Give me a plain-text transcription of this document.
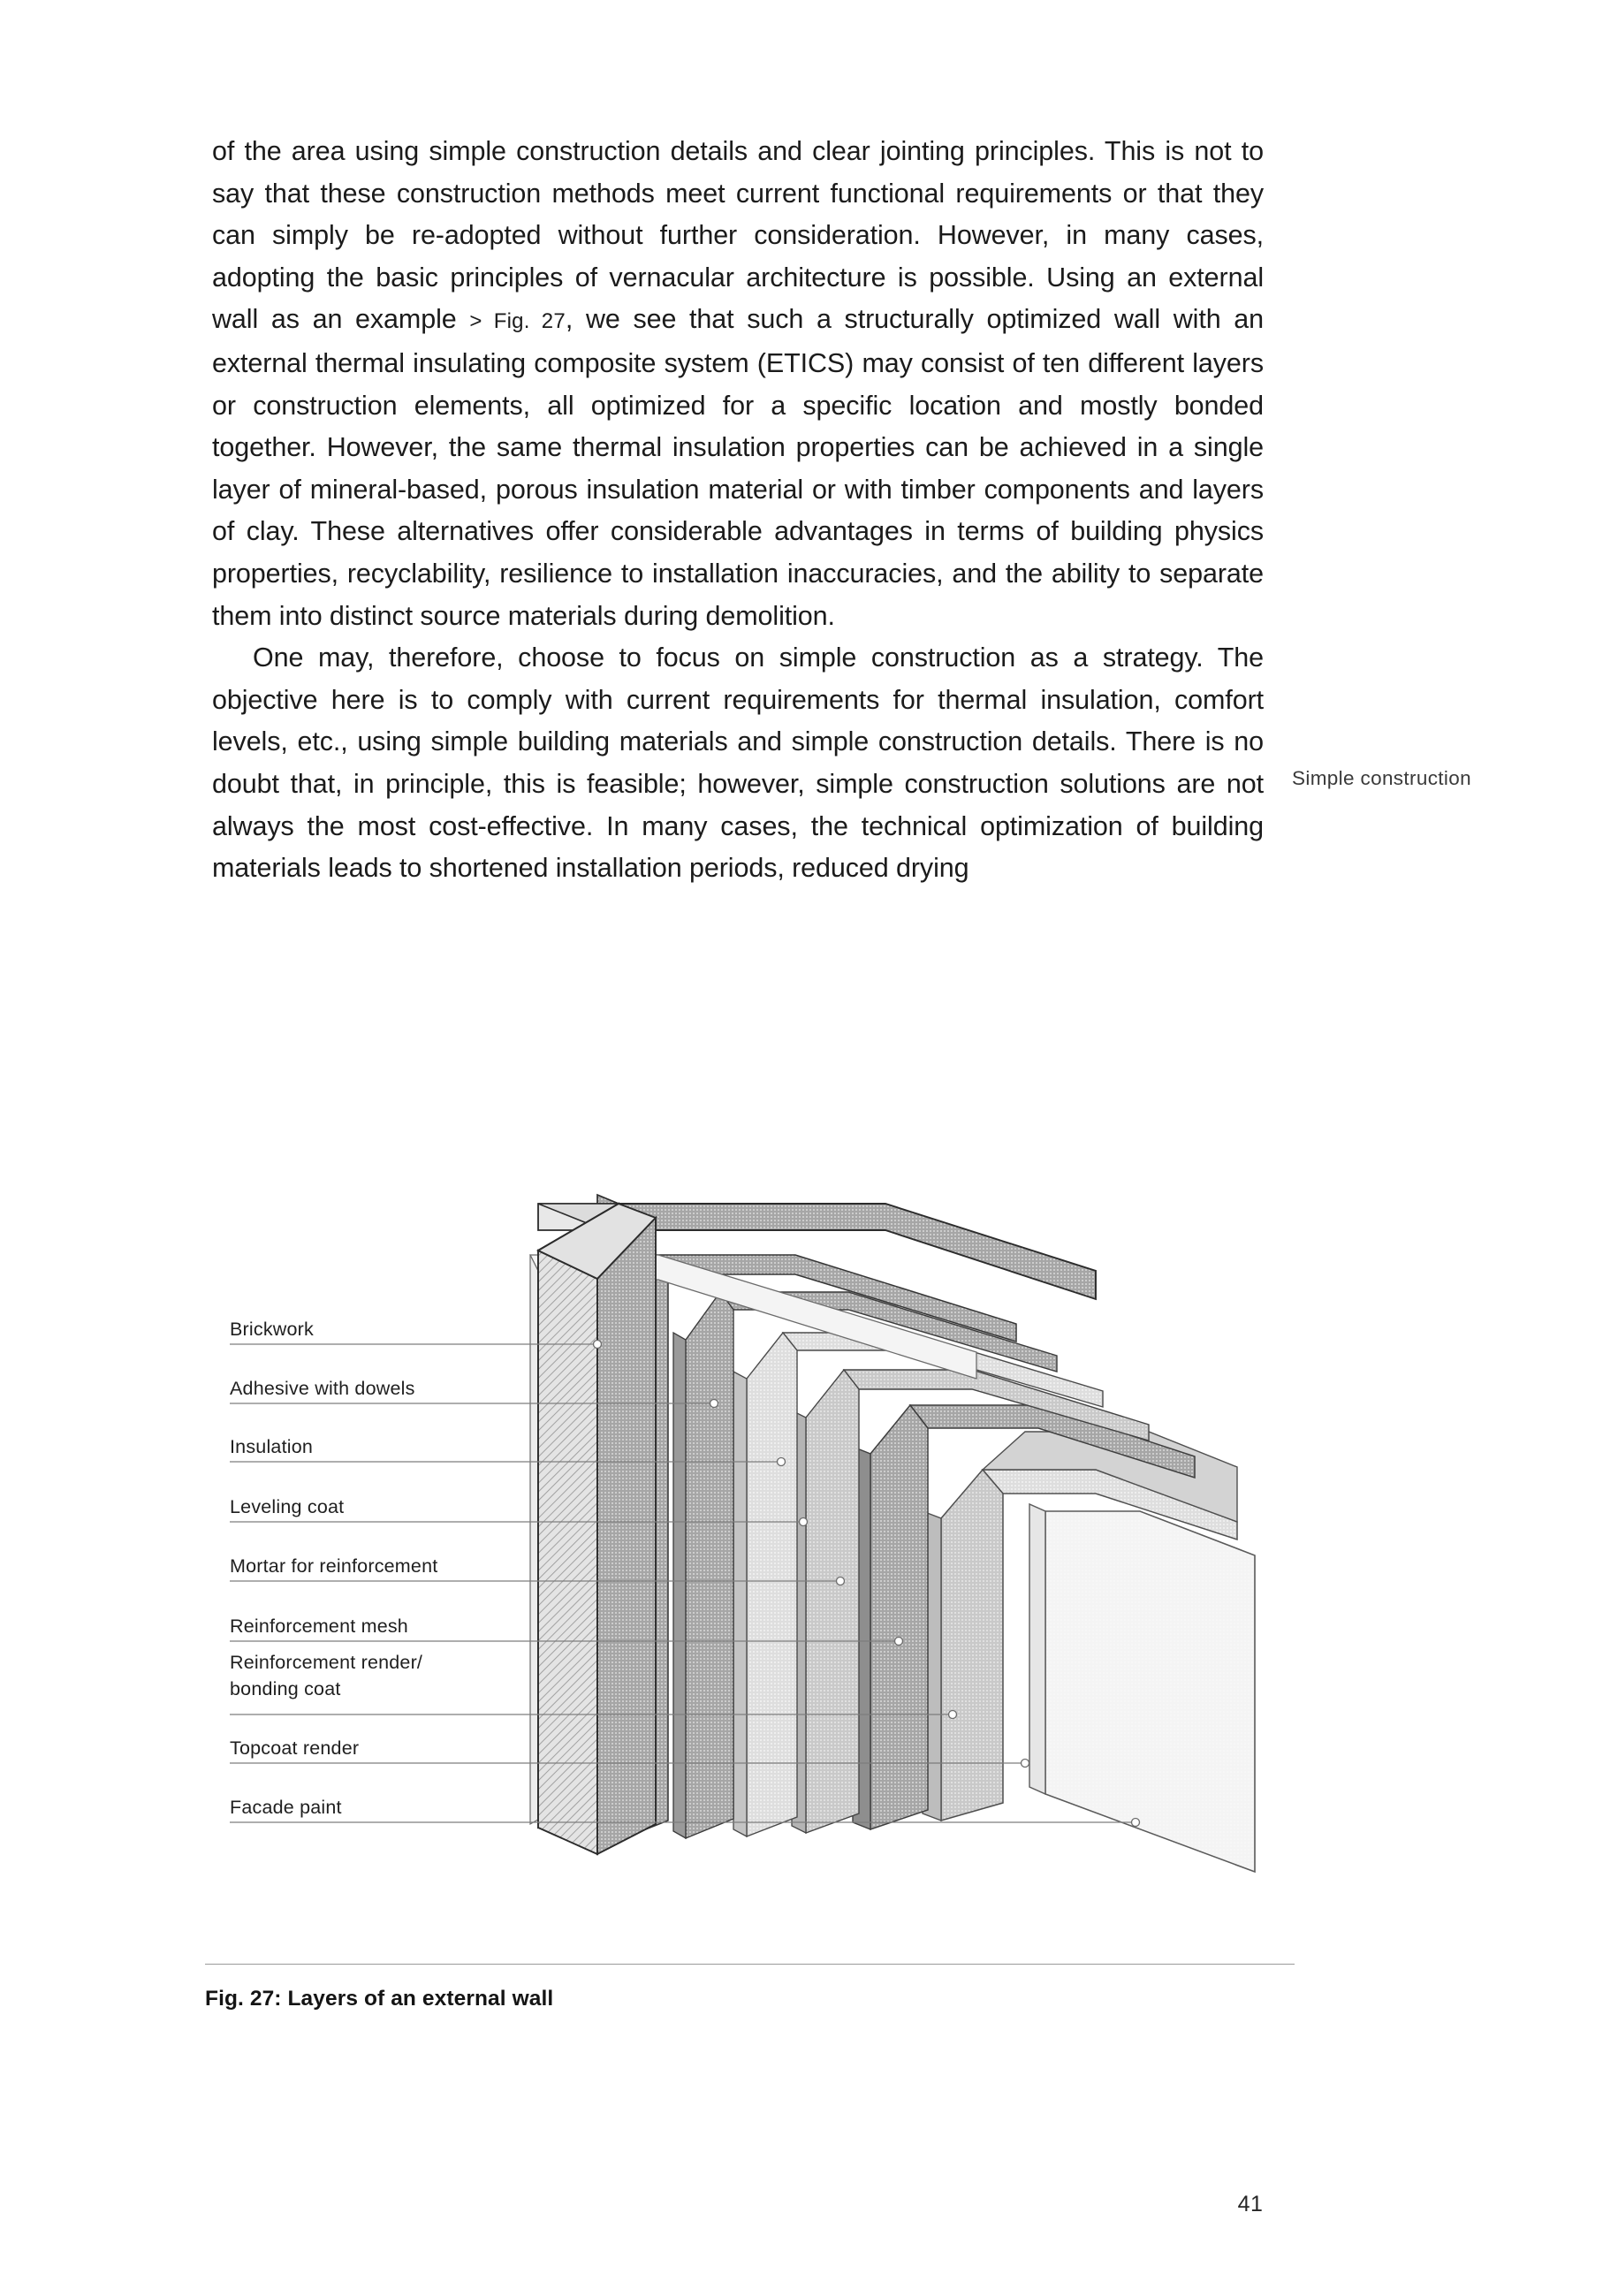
of the area using simple construction details and clear jointing principles. This is not to say that these construction methods meet current functional requirements or that they can simply be re-adopted without further consideration. However, in many cases, adopting the basic principles of vernacular architecture is possible. Using an external wall as an example > Fig. 27, we see that such a structurally optimized wall with an external thermal insulating composite system (ETICS) may consist of ten different layers or construction elements, all optimized for a specific location and mostly bonded together. However, the same thermal insulation properties can be achieved in a single layer of mineral-based, porous insulation material or with timber components and layers of clay. These alternatives offer considerable advantages in terms of building physics properties, recyclability, resilience to installation inaccuracies, and the ability to separate them into distinct source materials during demolition.

One may, therefore, choose to focus on simple construction as a strategy. The objective here is to comply with current requirements for thermal insulation, comfort levels, etc., using simple building materials and simple construction details. There is no doubt that, in principle, this is feasible; however, simple construction solutions are not always the most cost-effective. In many cases, the technical optimization of building materials leads to shortened installation periods, reduced drying

Simple construction
Brickwork
Adhesive with dowels
Insulation
Leveling coat
Mortar for reinforcement
Reinforcement mesh
Reinforcement render/
bonding coat
Topcoat render
Facade paint
Fig. 27: Layers of an external wall
41
